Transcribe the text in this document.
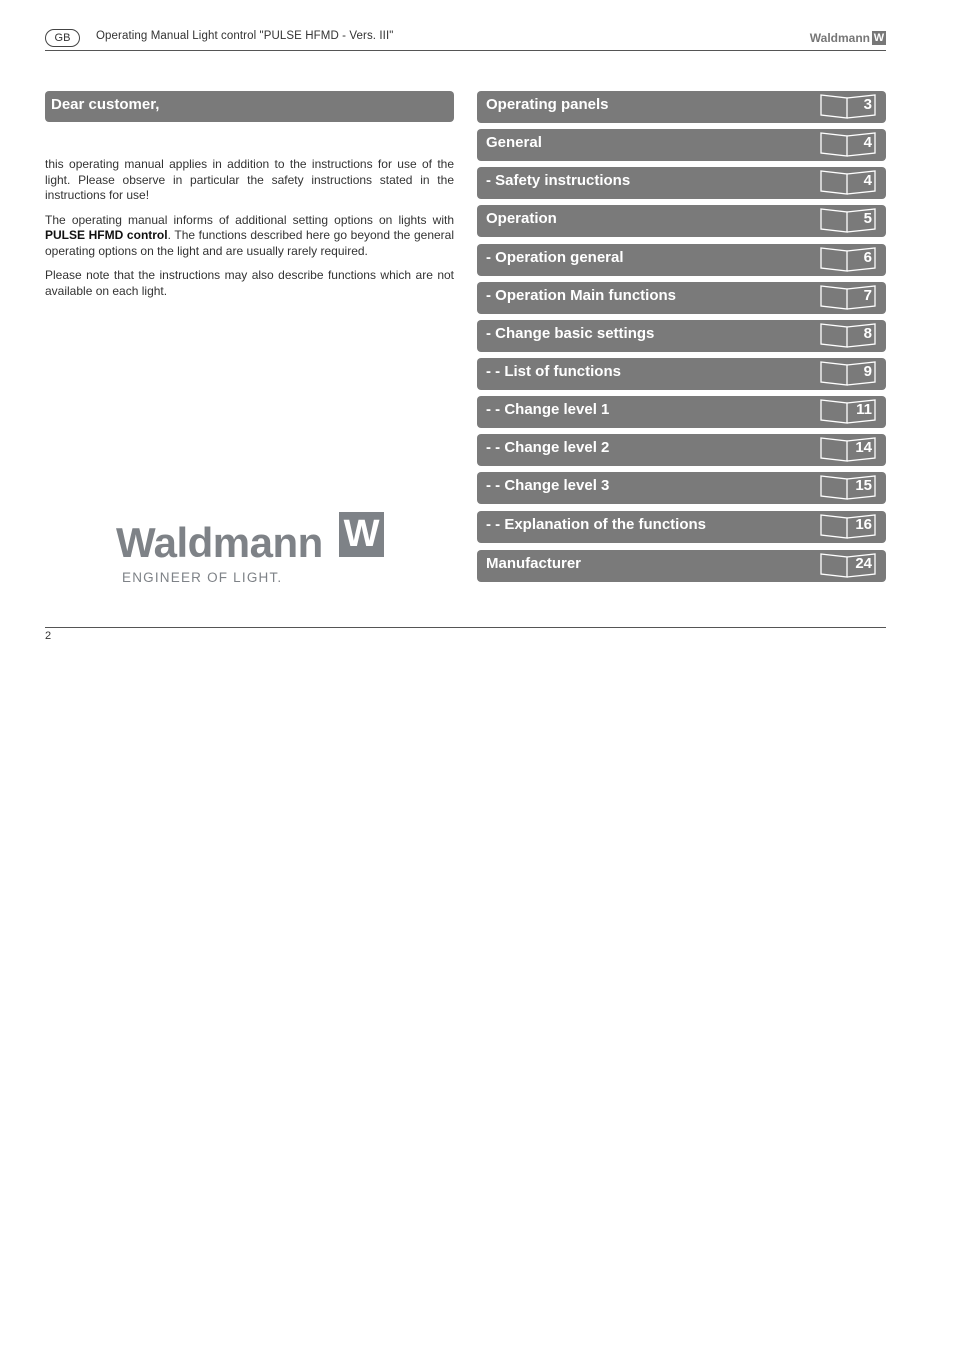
GB	Operating Manual Light control "PULSE HFMD - Vers. III"	Waldmann W
Dear customer,

this operating manual applies in addition to the instructions for use of the light. Please observe in particular the safety instructions stated in the instructions for use!

The operating manual informs of additional setting options on lights with PULSE HFMD control. The functions described here go beyond the general operating options on the light and are usually rarely required.

Please note that the instructions may also describe functions which are not available on each light.

Waldmann W
ENGINEER OF LIGHT.
Operating panels	3
General	4
- Safety instructions	4
Operation	5
- Operation general	6
- Operation Main functions	7
- Change basic settings	8
- - List of functions	9
- - Change level 1	11
- - Change level 2	14
- - Change level 3	15
- - Explanation of the functions	16
Manufacturer	24
2
